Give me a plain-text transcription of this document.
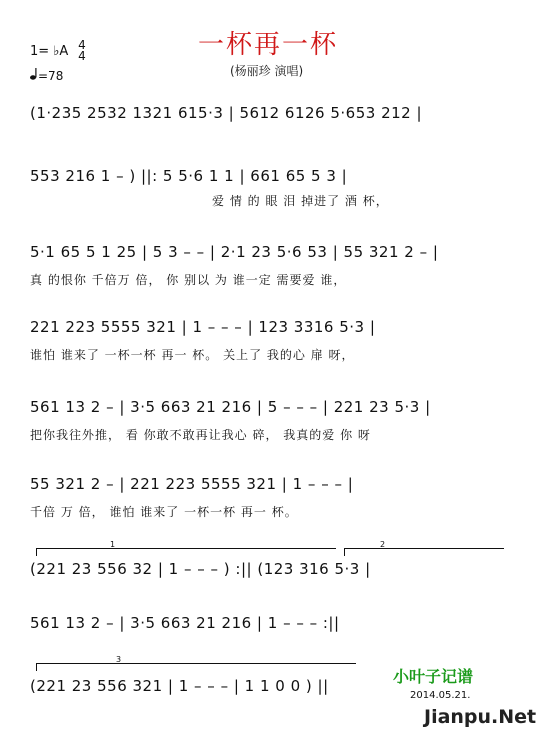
一杯再一杯
(杨丽珍 演唱)
1= ♭A 4
4
=78
(1·235 2532 1321 615·3 | 5612 6126 5·653 212 |
553 216 1 – ) ||: 5 5·6 1 1 | 661 65 5 3 |
爱 情 的 眼 泪 掉进了 酒 杯，
5·1 65 5 1 25 | 5 3 – – | 2·1 23 5·6 53 | 55 321 2 – |
真 的恨你 千倍万 倍， 你 别以 为 谁一定 需要爱 谁，
221 223 5555 321 | 1 – – – | 123 3316 5·3 |
谁怕 谁来了 一杯一杯 再一 杯。 关上了 我的心 扉 呀，
561 13 2 – | 3·5 663 21 216 | 5 – – – | 221 23 5·3 |
把你我往外推， 看 你敢不敢再让我心 碎， 我真的爱 你 呀
55 321 2 – | 221 223 5555 321 | 1 – – – |
千倍 万 倍， 谁怕 谁来了 一杯一杯 再一 杯。
1	2
(221 23 556 32 | 1 – – – ) :|| (123 316 5·3 |
561 13 2 – | 3·5 663 21 216 | 1 – – – :||
3
(221 23 556 321 | 1 – – – | 1 1 0 0 ) ||	小叶子记谱
2014.05.21.
Jianpu.Net
